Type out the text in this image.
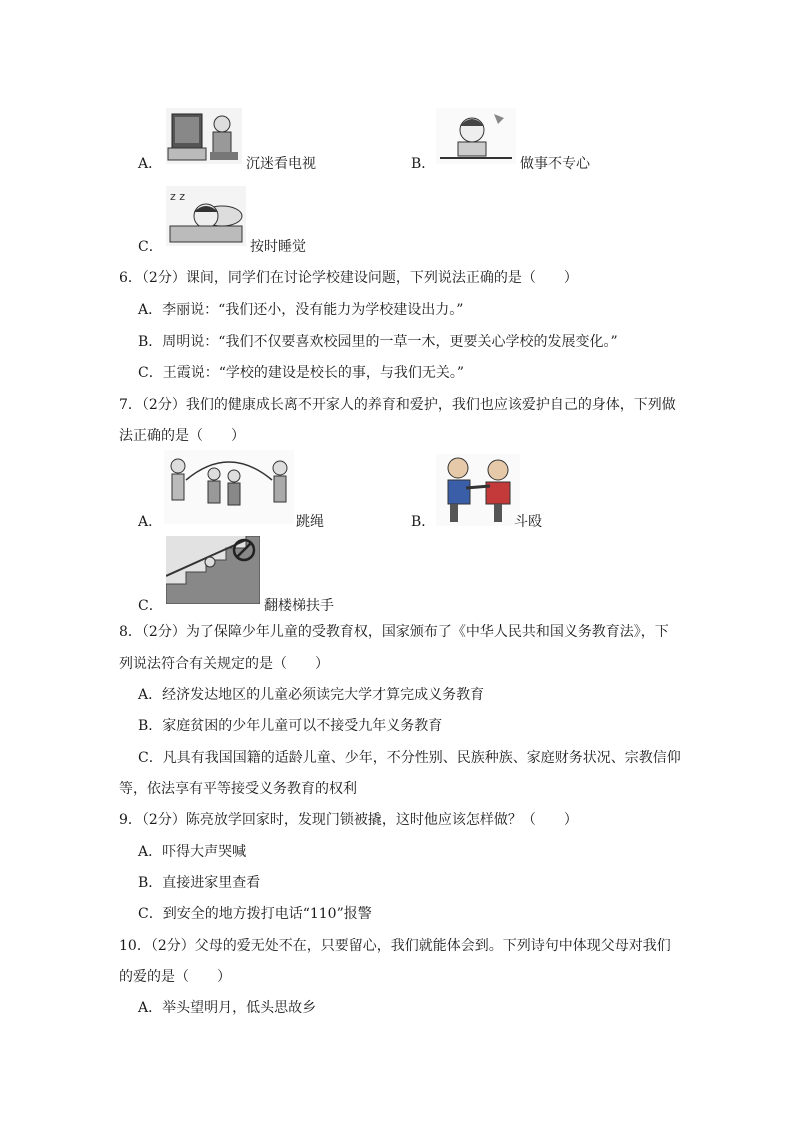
A．	沉迷看电视	B．	做事不专心
z z
C．	按时睡觉
6．（2分）课间，同学们在讨论学校建设问题，下列说法正确的是（　　）
A．李丽说：“我们还小，没有能力为学校建设出力。”
B．周明说：“我们不仅要喜欢校园里的一草一木，更要关心学校的发展变化。”
C．王霞说：“学校的建设是校长的事，与我们无关。”
7．（2分）我们的健康成长离不开家人的养育和爱护，我们也应该爱护自己的身体，下列做
法正确的是（　　）
A．	跳绳	B．	斗殴
C．	翻楼梯扶手
8．（2分）为了保障少年儿童的受教育权，国家颁布了《中华人民共和国义务教育法》，下
列说法符合有关规定的是（　　）
A．经济发达地区的儿童必须读完大学才算完成义务教育
B．家庭贫困的少年儿童可以不接受九年义务教育
C．凡具有我国国籍的适龄儿童、少年，不分性别、民族种族、家庭财务状况、宗教信仰
等，依法享有平等接受义务教育的权利
9．（2分）陈亮放学回家时，发现门锁被撬，这时他应该怎样做？（　　）
A．吓得大声哭喊
B．直接进家里查看
C．到安全的地方拨打电话“110”报警
10．（2分）父母的爱无处不在，只要留心，我们就能体会到。下列诗句中体现父母对我们
的爱的是（　　）
A．举头望明月，低头思故乡
